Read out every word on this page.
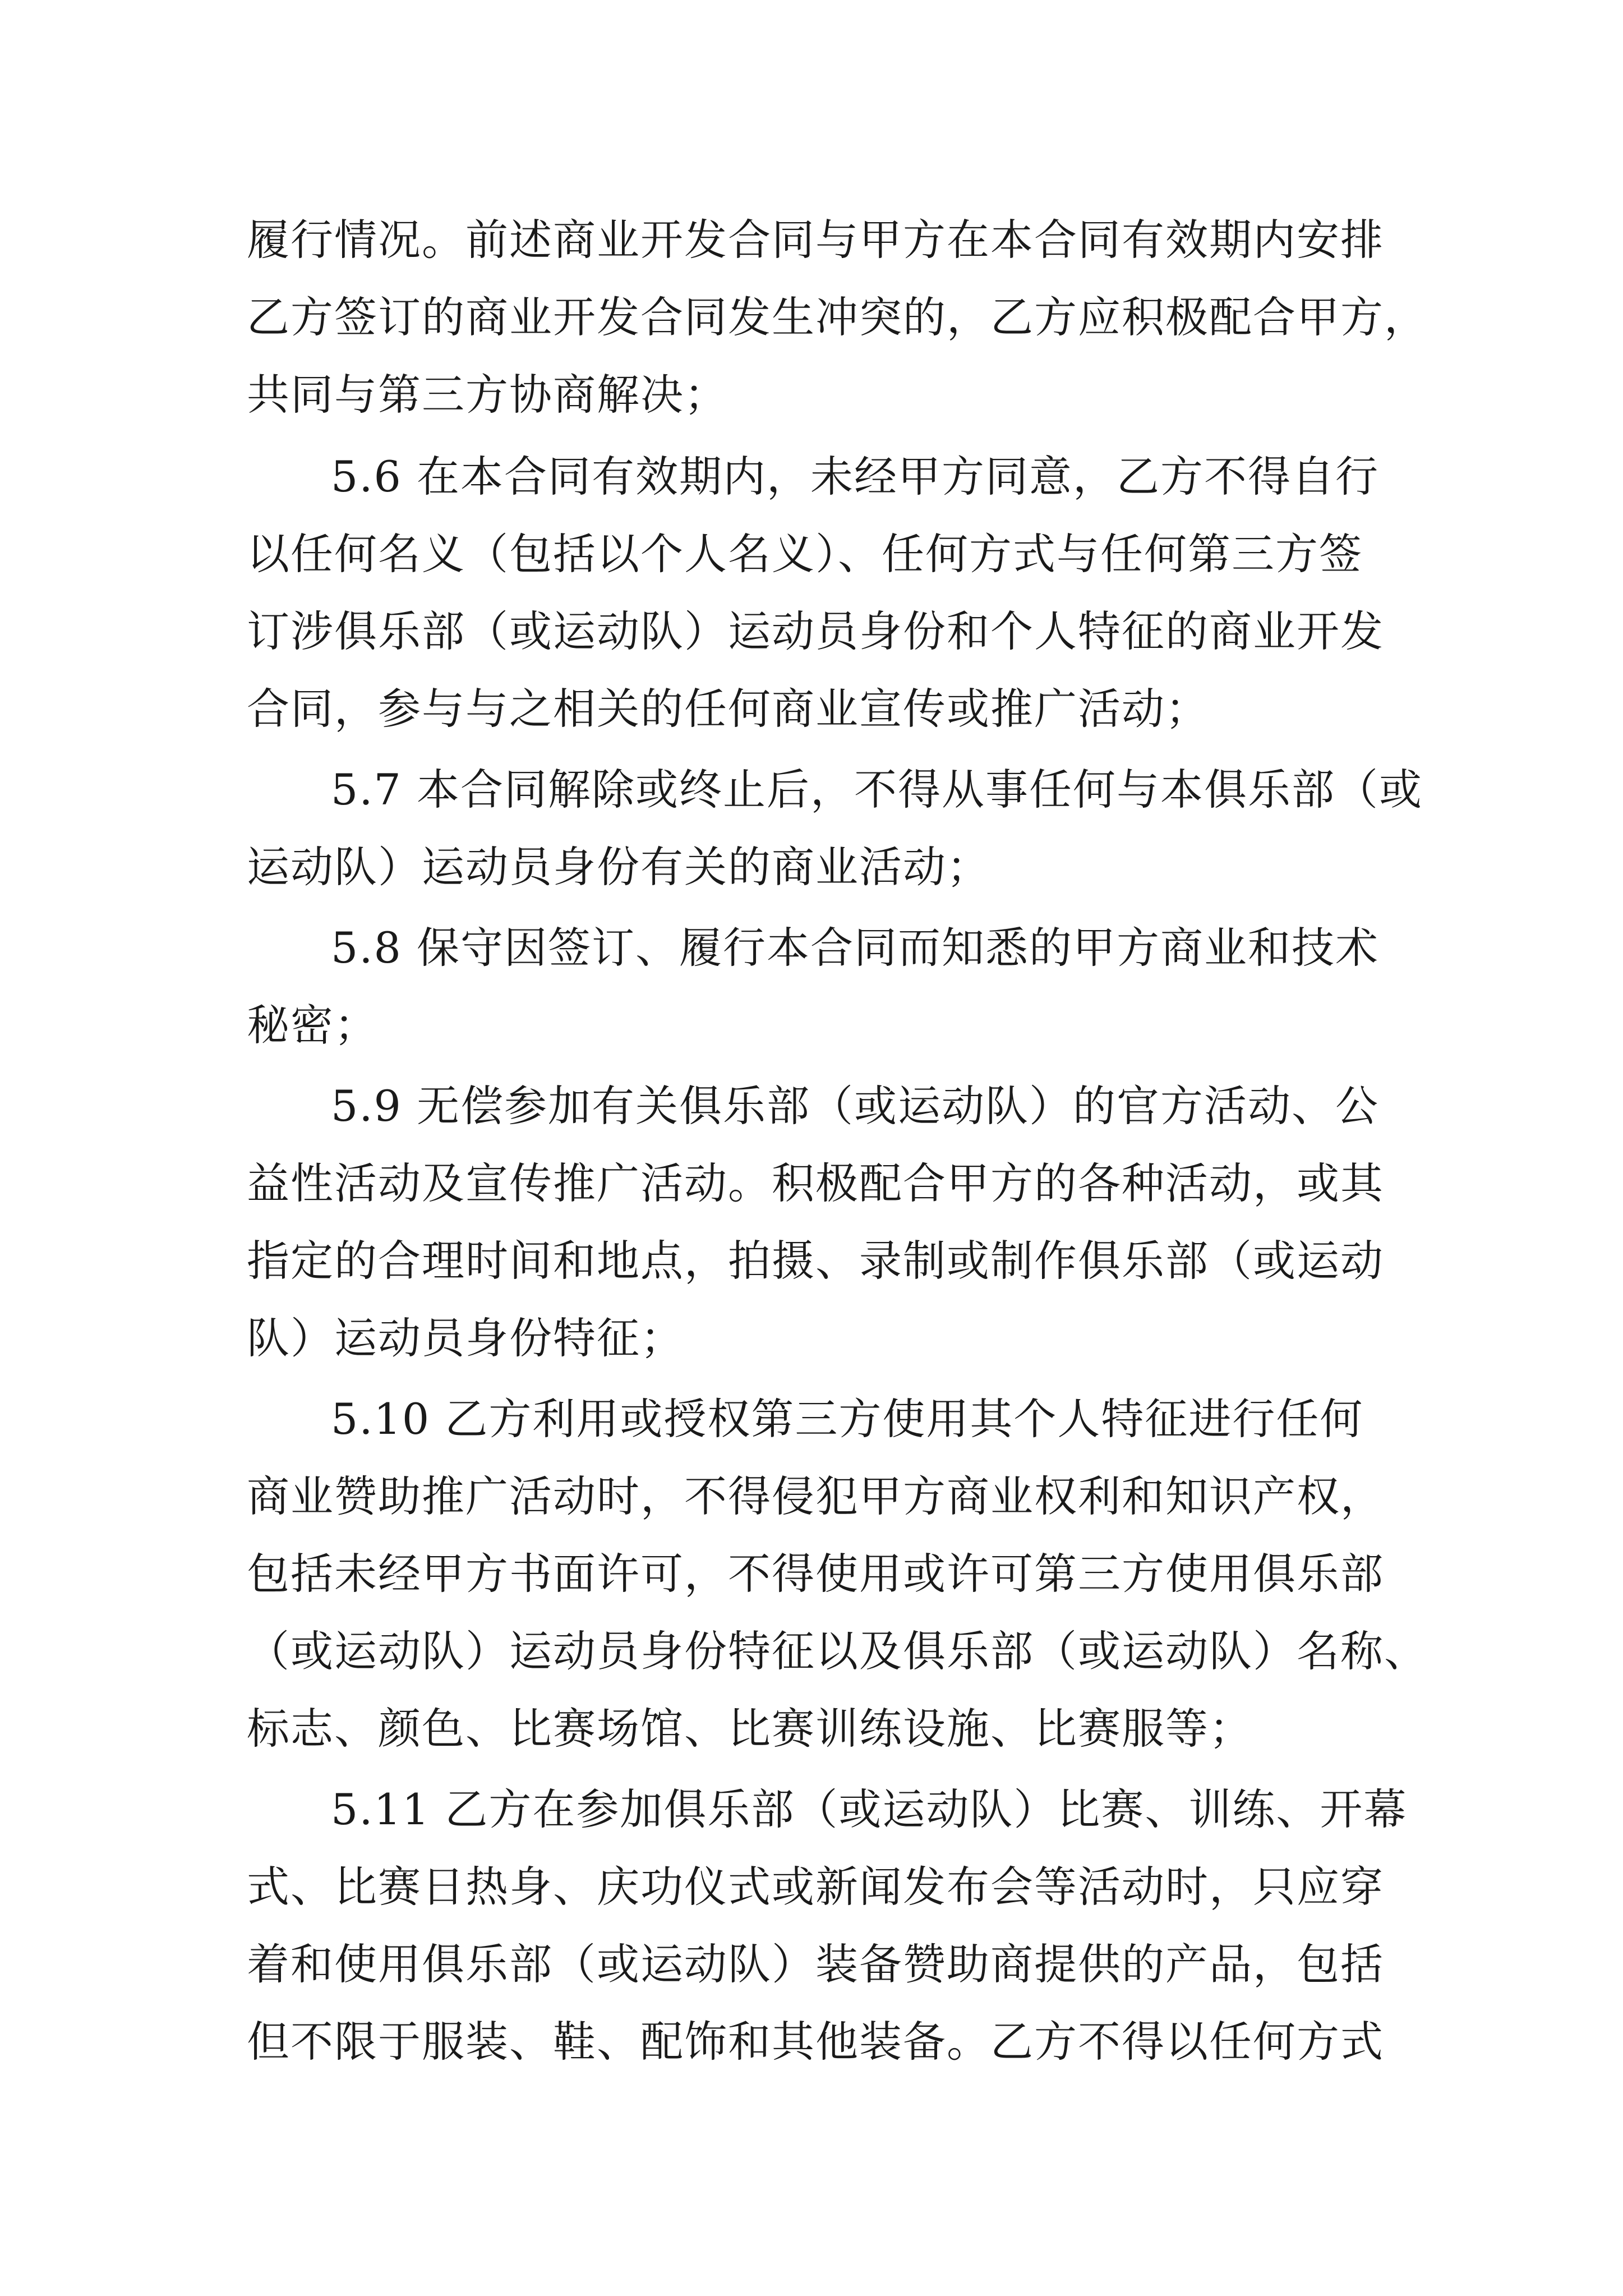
履行情况。前述商业开发合同与甲方在本合同有效期内安排
乙方签订的商业开发合同发生冲突的，乙方应积极配合甲方，
共同与第三方协商解决；
5.6 在本合同有效期内，未经甲方同意，乙方不得自行
以任何名义（包括以个人名义）、任何方式与任何第三方签
订涉俱乐部（或运动队）运动员身份和个人特征的商业开发
合同，参与与之相关的任何商业宣传或推广活动；
5.7 本合同解除或终止后，不得从事任何与本俱乐部（或
运动队）运动员身份有关的商业活动；
5.8 保守因签订、履行本合同而知悉的甲方商业和技术
秘密；
5.9 无偿参加有关俱乐部（或运动队）的官方活动、公
益性活动及宣传推广活动。积极配合甲方的各种活动，或其
指定的合理时间和地点，拍摄、录制或制作俱乐部（或运动
队）运动员身份特征；
5.10 乙方利用或授权第三方使用其个人特征进行任何
商业赞助推广活动时，不得侵犯甲方商业权利和知识产权，
包括未经甲方书面许可，不得使用或许可第三方使用俱乐部
（或运动队）运动员身份特征以及俱乐部（或运动队）名称、
标志、颜色、比赛场馆、比赛训练设施、比赛服等；
5.11 乙方在参加俱乐部（或运动队）比赛、训练、开幕
式、比赛日热身、庆功仪式或新闻发布会等活动时，只应穿
着和使用俱乐部（或运动队）装备赞助商提供的产品，包括
但不限于服装、鞋、配饰和其他装备。乙方不得以任何方式
